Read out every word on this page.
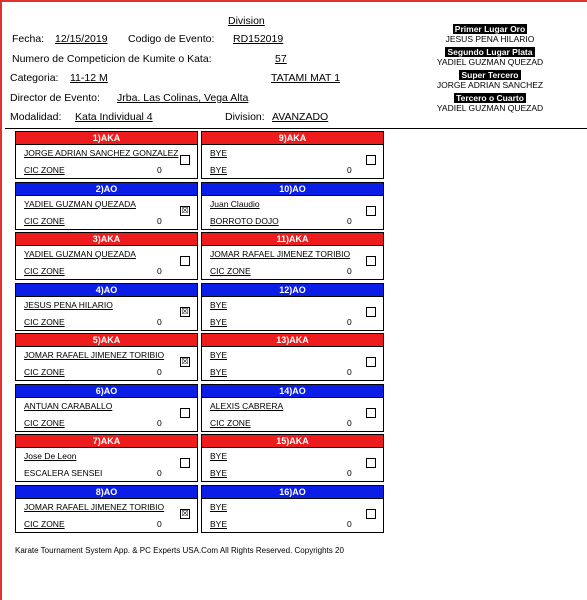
Division
Fecha: 12/15/2019 Codigo de Evento: RD152019
Numero de Competicion de Kumite o Kata:	57
Categoria: 11-12 M	TATAMI MAT 1
Director de Evento: Jrba. Las Colinas, Vega Alta
Modalidad: Kata Individual 4	Division: AVANZADO
Primer Lugar Oro
JESUS PENA HILARIO
Segundo Lugar Plata
YADIEL GUZMAN QUEZAD
Super Tercero
JORGE ADRIAN SANCHEZ
Tercero o Cuarto
YADIEL GUZMAN QUEZAD
1)AKA
JORGE ADRIAN SANCHEZ GONZALEZ
CIC ZONE	0
2)AO
YADIEL GUZMAN QUEZADA
CIC ZONE	0
☒
3)AKA
YADIEL GUZMAN QUEZADA
CIC ZONE	0
4)AO
JESUS PENA HILARIO
CIC ZONE	0
☒
5)AKA
JOMAR RAFAEL JIMENEZ TORIBIO
CIC ZONE	0
☒
6)AO
ANTUAN CARABALLO
CIC ZONE	0
7)AKA
Jose De Leon
ESCALERA SENSEI	0
8)AO
JOMAR RAFAEL JIMENEZ TORIBIO
CIC ZONE	0
☒
9)AKA
BYE
BYE	0
10)AO
Juan Claudio
BORROTO DOJO	0
11)AKA
JOMAR RAFAEL JIMENEZ TORIBIO
CIC ZONE	0
12)AO
BYE
BYE	0
13)AKA
BYE
BYE	0
14)AO
ALEXIS CABRERA
CIC ZONE	0
15)AKA
BYE
BYE	0
16)AO
BYE
BYE	0
Karate Tournament System App. & PC Experts USA.Com All Rights Reserved. Copyrights 20
